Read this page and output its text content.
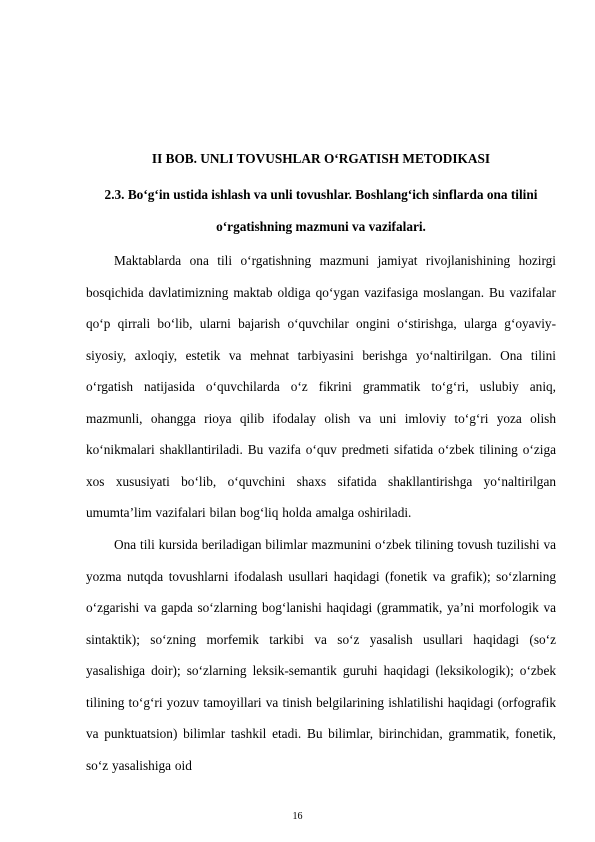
II BOB. UNLI TOVUSHLAR O‘RGATISH METODIKASI
2.3. Bo‘g‘in ustida ishlash va unli tovushlar. Boshlang‘ich sinflarda ona tilini
o‘rgatishning mazmuni va vazifalari.

Maktablarda ona tili o‘rgatishning mazmuni jamiyat rivojlanishining hozirgi bosqichida davlatimizning maktab oldiga qo‘ygan vazifasiga moslangan. Bu vazifalar qo‘p qirrali bo‘lib, ularni bajarish o‘quvchilar ongini o‘stirishga, ularga g‘oyaviy-siyosiy, axloqiy, estetik va mehnat tarbiyasini berishga yo‘naltirilgan. Ona tilini o‘rgatish natijasida o‘quvchilarda o‘z fikrini grammatik to‘g‘ri, uslubiy aniq, mazmunli, ohangga rioya qilib ifodalay olish va uni imloviy to‘g‘ri yoza olish ko‘nikmalari shakllantiriladi. Bu vazifa o‘quv predmeti sifatida o‘zbek tilining o‘ziga xos xususiyati bo‘lib, o‘quvchini shaxs sifatida shakllantirishga yo‘naltirilgan umumta’lim vazifalari bilan bog‘liq holda amalga oshiriladi.

Ona tili kursida beriladigan bilimlar mazmunini o‘zbek tilining tovush tuzilishi va yozma nutqda tovushlarni ifodalash usullari haqidagi (fonetik va grafik); so‘zlarning o‘zgarishi va gapda so‘zlarning bog‘lanishi haqidagi (grammatik, ya’ni morfologik va sintaktik); so‘zning morfemik tarkibi va so‘z yasalish usullari haqidagi (so‘z yasalishiga doir); so‘zlarning leksik-semantik guruhi haqidagi (leksikologik); o‘zbek tilining to‘g‘ri yozuv tamoyillari va tinish belgilarining ishlatilishi haqidagi (orfografik va punktuatsion) bilimlar tashkil etadi. Bu bilimlar, birinchidan, grammatik, fonetik, so‘z yasalishiga oid

16
